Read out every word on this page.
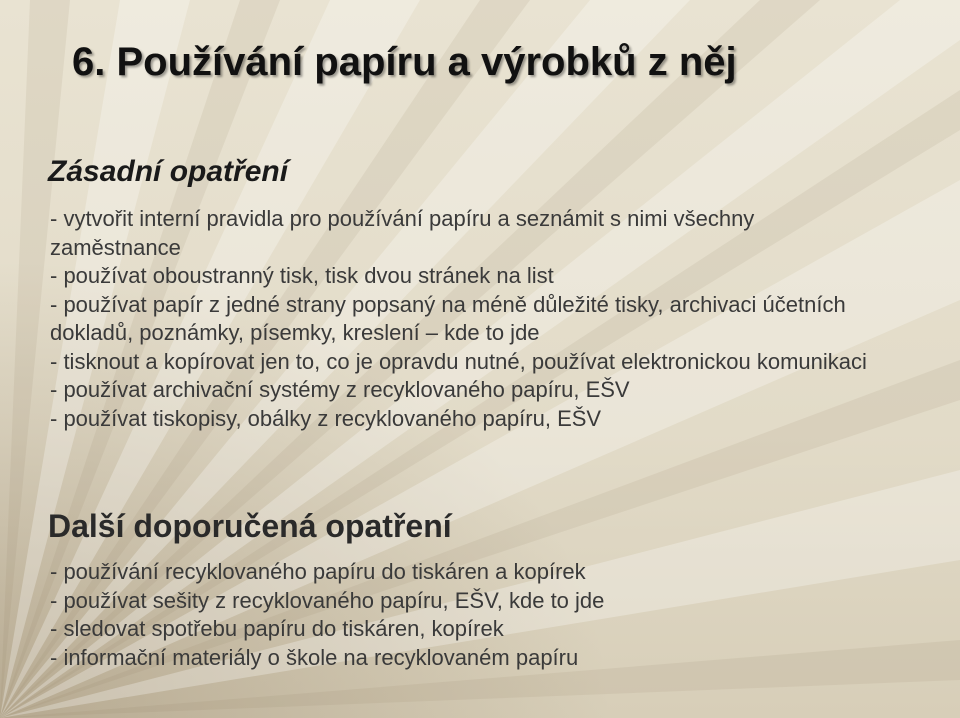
6. Používání papíru a výrobků z něj
Zásadní opatření
- vytvořit interní pravidla pro používání papíru a seznámit s nimi všechny zaměstnance
- používat oboustranný tisk, tisk dvou stránek na list
- používat papír z jedné strany popsaný na méně důležité tisky, archivaci účetních dokladů, poznámky, písemky, kreslení – kde to jde
- tisknout a kopírovat jen to, co je opravdu nutné, používat elektronickou komunikaci
- používat archivační systémy z recyklovaného papíru, EŠV
- používat tiskopisy, obálky z recyklovaného papíru, EŠV
Další doporučená opatření
- používání recyklovaného papíru do tiskáren a kopírek
- používat sešity z recyklovaného papíru, EŠV, kde to jde
- sledovat spotřebu papíru do tiskáren, kopírek
- informační materiály o škole na recyklovaném papíru
